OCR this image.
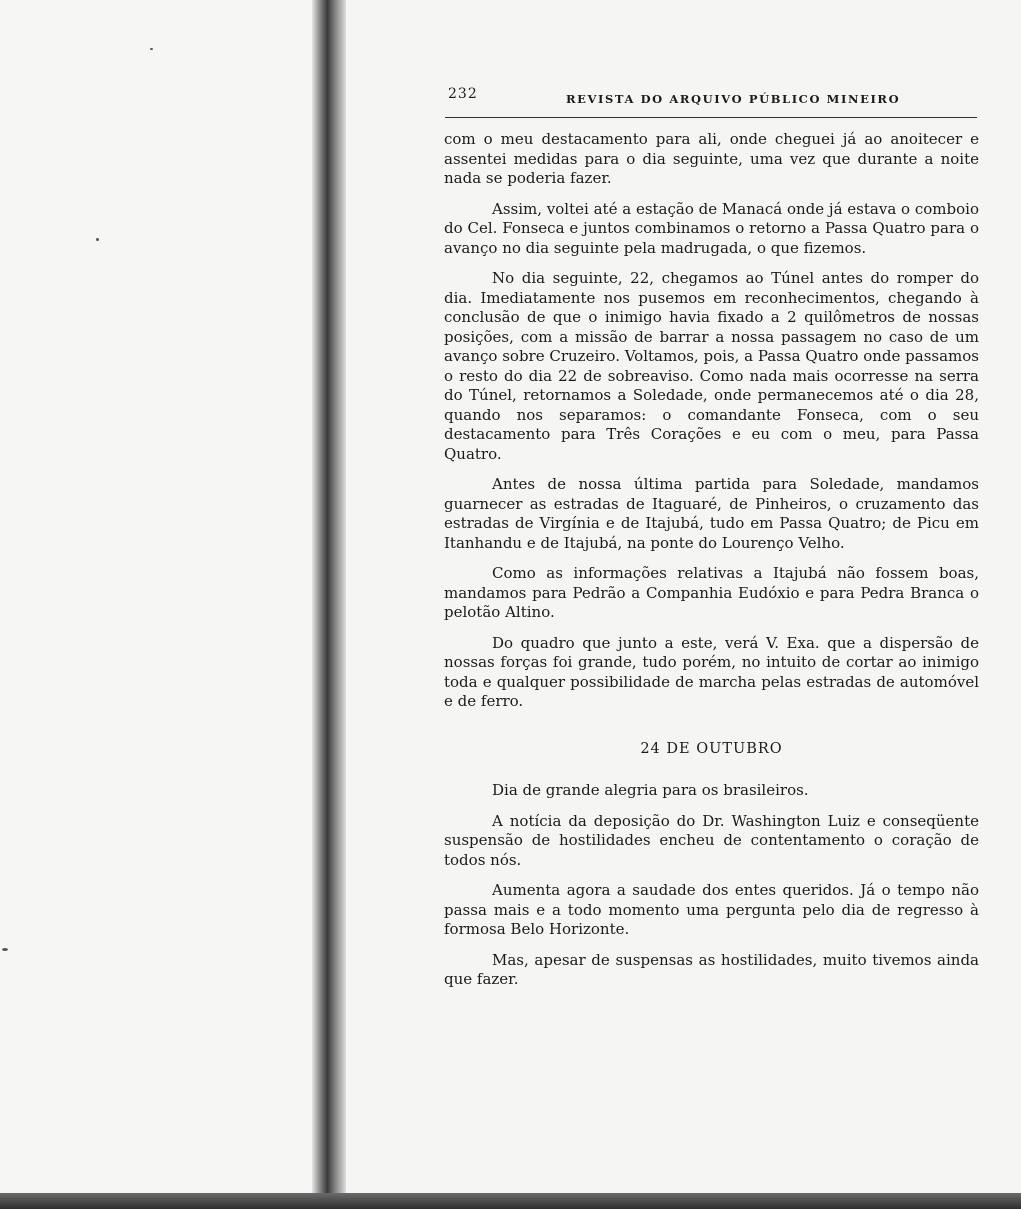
232	REVISTA DO ARQUIVO PÚBLICO MINEIRO

com o meu destacamento para ali, onde cheguei já ao anoitecer e assentei medidas para o dia seguinte, uma vez que durante a noite nada se poderia fazer.

Assim, voltei até a estação de Manacá onde já estava o comboio do Cel. Fonseca e juntos combinamos o retorno a Passa Quatro para o avanço no dia seguinte pela madrugada, o que fizemos.

No dia seguinte, 22, chegamos ao Túnel antes do romper do dia. Imediatamente nos pusemos em reconhecimentos, chegando à conclusão de que o inimigo havia fixado a 2 quilômetros de nossas posições, com a missão de barrar a nossa passagem no caso de um avanço sobre Cruzeiro. Voltamos, pois, a Passa Quatro onde passamos o resto do dia 22 de sobreaviso. Como nada mais ocorresse na serra do Túnel, retornamos a Soledade, onde permanecemos até o dia 28, quando nos separamos: o comandante Fonseca, com o seu destacamento para Três Corações e eu com o meu, para Passa Quatro.

Antes de nossa última partida para Soledade, mandamos guarnecer as estradas de Itaguaré, de Pinheiros, o cruzamento das estradas de Virgínia e de Itajubá, tudo em Passa Quatro; de Picu em Itanhandu e de Itajubá, na ponte do Lourenço Velho.

Como as informações relativas a Itajubá não fossem boas, mandamos para Pedrão a Companhia Eudóxio e para Pedra Branca o pelotão Altino.

Do quadro que junto a este, verá V. Exa. que a dispersão de nossas forças foi grande, tudo porém, no intuito de cortar ao inimigo toda e qualquer possibilidade de marcha pelas estradas de automóvel e de ferro.

24 DE OUTUBRO

Dia de grande alegria para os brasileiros.

A notícia da deposição do Dr. Washington Luiz e conseqüente suspensão de hostilidades encheu de contentamento o coração de todos nós.

Aumenta agora a saudade dos entes queridos. Já o tempo não passa mais e a todo momento uma pergunta pelo dia de regresso à formosa Belo Horizonte.

Mas, apesar de suspensas as hostilidades, muito tivemos ainda que fazer.
